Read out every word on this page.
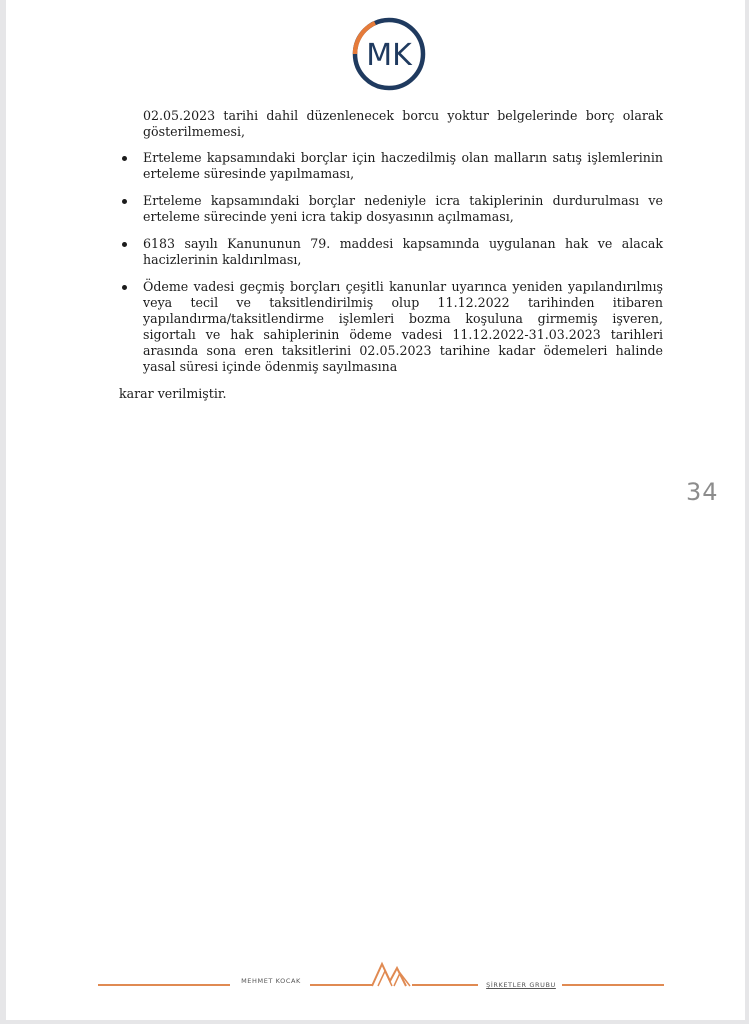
MK

02.05.2023 tarihi dahil düzenlenecek borcu yoktur belgelerinde borç olarak gösterilmemesi,

Erteleme kapsamındaki borçlar için haczedilmiş olan malların satış işlemlerinin erteleme süresinde yapılmaması,
Erteleme kapsamındaki borçlar nedeniyle icra takiplerinin durdurulması ve erteleme sürecinde yeni icra takip dosyasının açılmaması,
6183 sayılı Kanununun 79. maddesi kapsamında uygulanan hak ve alacak hacizlerinin kaldırılması,
Ödeme vadesi geçmiş borçları çeşitli kanunlar uyarınca yeniden yapılandırılmış veya tecil ve taksitlendirilmiş olup 11.12.2022 tarihinden itibaren yapılandırma/taksitlendirme işlemleri bozma koşuluna girmemiş işveren, sigortalı ve hak sahiplerinin ödeme vadesi 11.12.2022-31.03.2023 tarihleri arasında sona eren taksitlerini 02.05.2023 tarihine kadar ödemeleri halinde yasal süresi içinde ödenmiş sayılmasına

karar verilmiştir.

34
MEHMET KOCAK	ŞİRKETLER GRUBU
